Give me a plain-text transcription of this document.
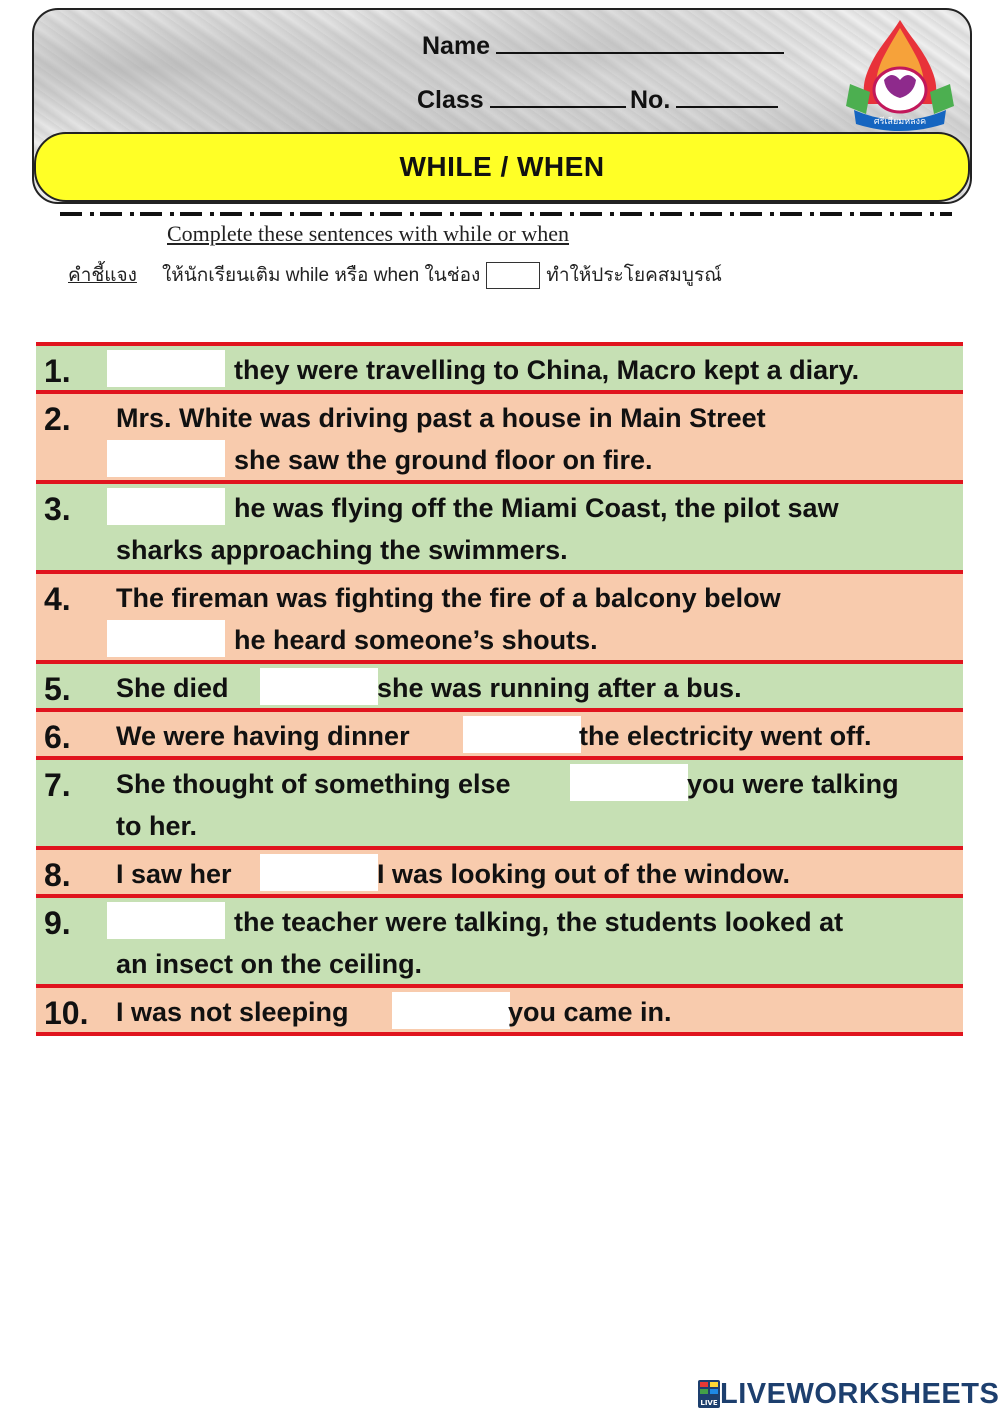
Name
Class	No.
ศรีเสียมหลงค
WHILE / WHEN
Complete these sentences with while or when
คำชี้แจง ให้นักเรียนเติม while หรือ when ในช่อง	ทำให้ประโยคสมบูรณ์
1.	they were travelling to China, Macro kept a diary.
2. Mrs. White was driving past a house in Main Street
she saw the ground floor on fire.
3.	he was flying off the Miami Coast, the pilot saw
sharks approaching the swimmers.
4. The fireman was fighting the fire of a balcony below
he heard someone’s shouts.
5. She died	she was running after a bus.
6. We were having dinner	the electricity went off.
7. She thought of something else	you were talking
to her.
8. I saw her	I was looking out of the window.
9.	the teacher were talking, the students looked at
an insect on the ceiling.
10. I was not sleeping	you came in.
LIVE LIVEWORKSHEETS
